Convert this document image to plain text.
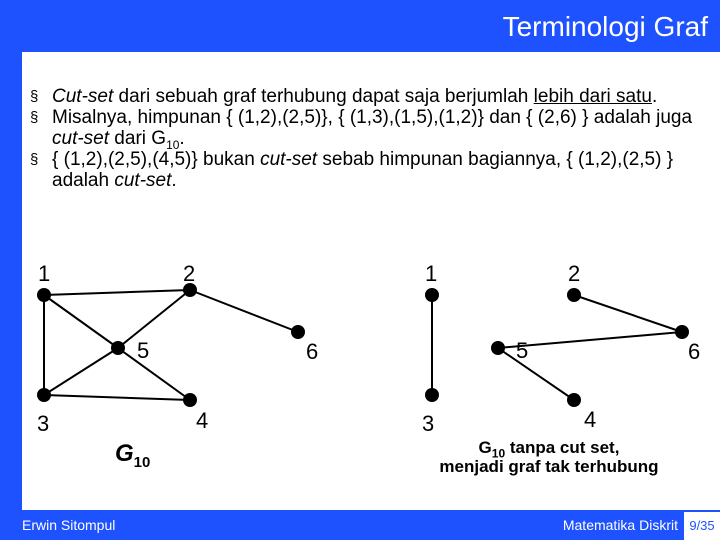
Terminologi Graf
Erwin Sitompul	Matematika Diskrit 9/35
§ Cut-set dari sebuah graf terhubung dapat saja berjumlah lebih dari satu.
§ Misalnya, himpunan { (1,2),(2,5)}, { (1,3),(1,5),(1,2)} dan { (2,6) } adalah juga cut-set dari $G_{10}$.
§ { (1,2),(2,5),(4,5)} bukan cut-set sebab himpunan bagiannya, { (1,2),(2,5) } adalah cut-set.
1	2
3	4
5	6
$G_{10}$
1	2
3	4
5	6
$G_{10}$ tanpa cut set,
menjadi graf tak terhubung
